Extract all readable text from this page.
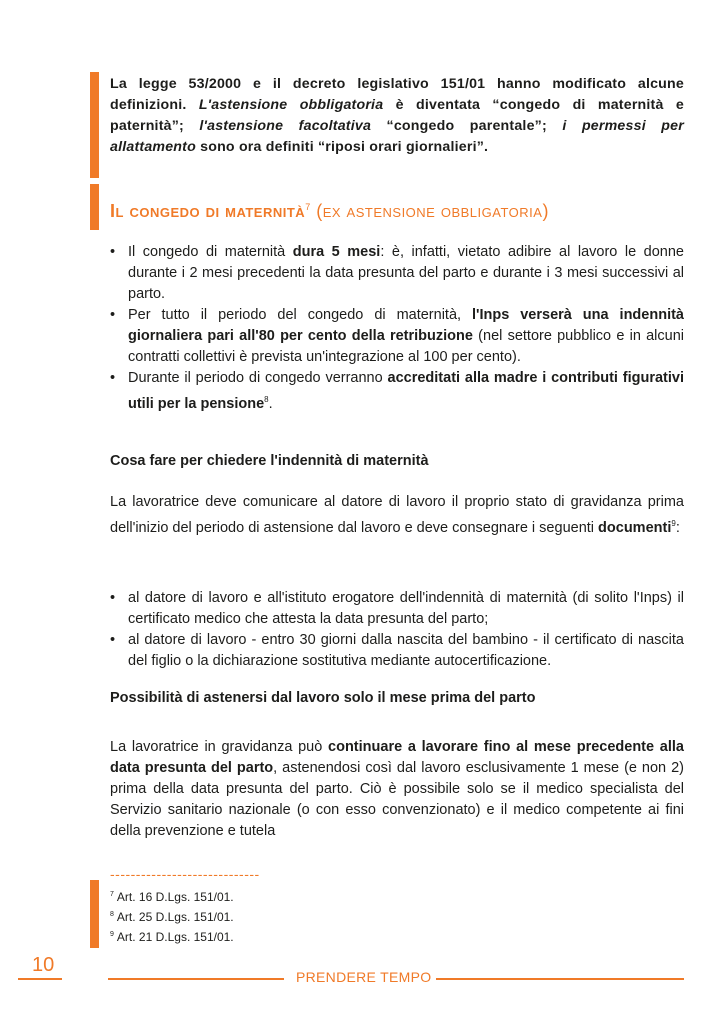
La legge 53/2000 e il decreto legislativo 151/01 hanno modificato alcune definizioni. L'astensione obbligatoria è diventata “congedo di maternità e paternità”; l'astensione facoltativa “congedo parentale”; i permessi per allattamento sono ora definiti “riposi orari giornalieri”.
Il congedo di maternità$^7$ (ex astensione obbligatoria)
• Il congedo di maternità dura 5 mesi: è, infatti, vietato adibire al lavoro le donne durante i 2 mesi precedenti la data presunta del parto e durante i 3 mesi successivi al parto.
• Per tutto il periodo del congedo di maternità, l'Inps verserà una indennità giornaliera pari all'80 per cento della retribuzione (nel settore pubblico e in alcuni contratti collettivi è prevista un'integrazione al 100 per cento).
• Durante il periodo di congedo verranno accreditati alla madre i contributi figurativi utili per la pensione$^8$.
Cosa fare per chiedere l'indennità di maternità
La lavoratrice deve comunicare al datore di lavoro il proprio stato di gravidanza prima dell'inizio del periodo di astensione dal lavoro e deve consegnare i seguenti documenti$^9$:
• al datore di lavoro e all'istituto erogatore dell'indennità di maternità (di solito l'Inps) il certificato medico che attesta la data presunta del parto;
• al datore di lavoro - entro 30 giorni dalla nascita del bambino - il certificato di nascita del figlio o la dichiarazione sostitutiva mediante autocertificazione.
Possibilità di astenersi dal lavoro solo il mese prima del parto
La lavoratrice in gravidanza può continuare a lavorare fino al mese precedente alla data presunta del parto, astenendosi così dal lavoro esclusivamente 1 mese (e non 2) prima della data presunta del parto. Ciò è possibile solo se il medico specialista del Servizio sanitario nazionale (o con esso convenzionato) e il medico competente ai fini della prevenzione e tutela
-----------------------------
$^7$ Art. 16 D.Lgs. 151/01.
$^8$ Art. 25 D.Lgs. 151/01.
$^9$ Art. 21 D.Lgs. 151/01.
10
PRENDERE TEMPO
